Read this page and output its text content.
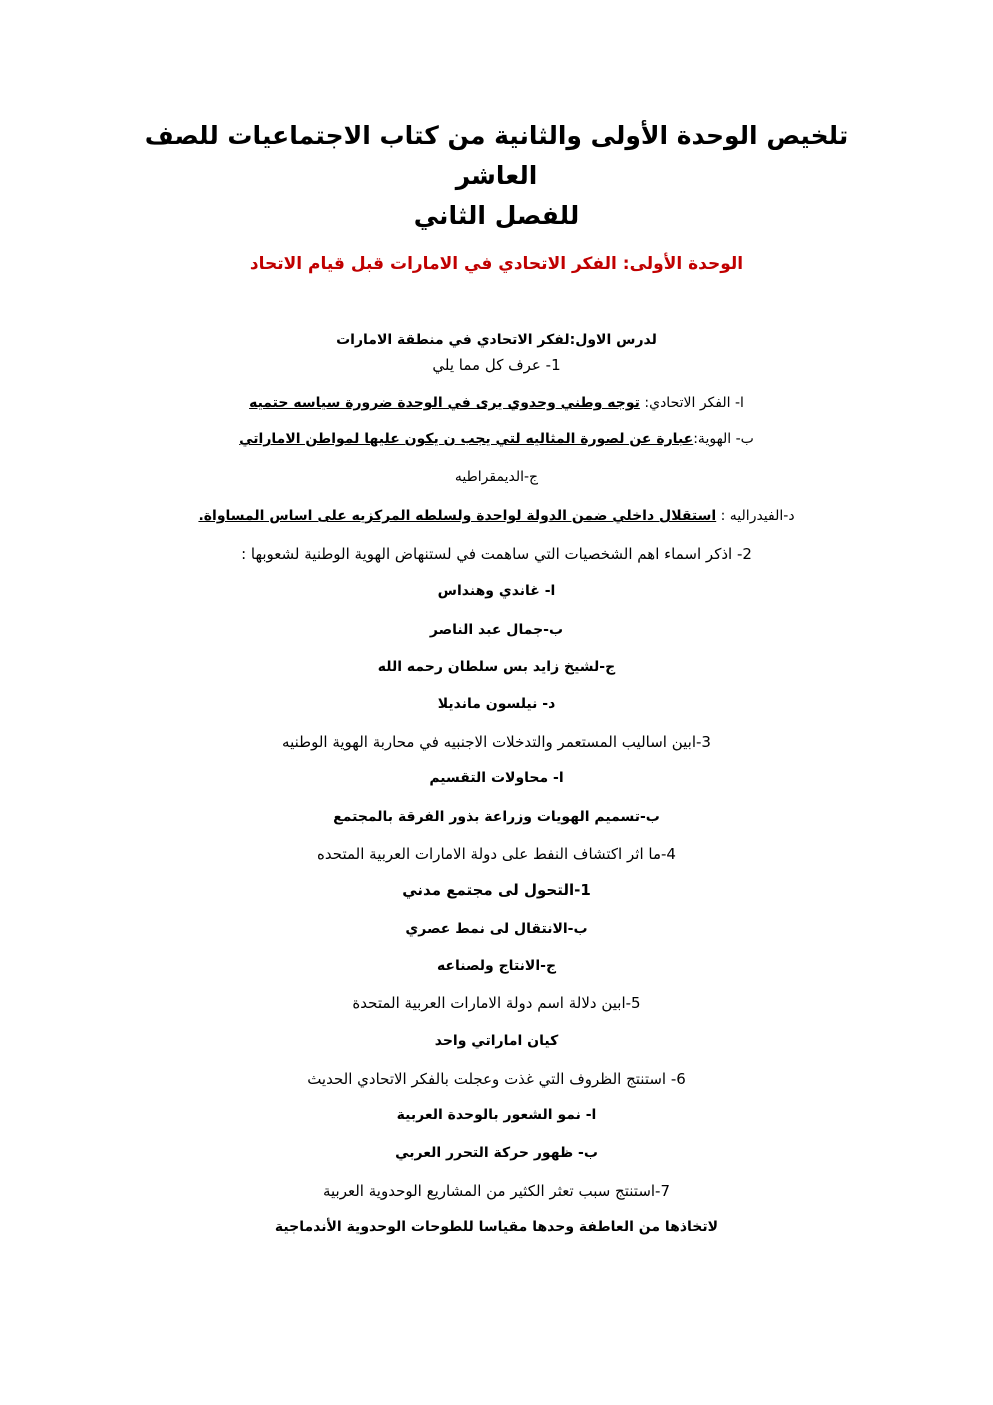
تلخيص الوحدة الأولى والثانية من كتاب الاجتماعيات للصف العاشر
للفصل الثاني
الوحدة الأولى: الفكر الاتحادي في الامارات قبل قيام الاتحاد
لدرس الاول:لفكر الاتحادي في منطقة الامارات
1- عرف كل مما يلي
ا- الفكر الاتحادي: توجه وطني وحدوي يرى في الوحدة ضرورة سياسه حتميه
ب- الهوية:عبارة عن لصورة المثاليه لتي يجب ن يكون عليها لمواطن الاماراتي
ج-الديمقراطيه
د-الفيدراليه : استقلال داخلي ضمن الدولة لواحدة ولسلطه المركزيه على اساس المساواة.
2- اذكر اسماء اهم الشخصيات التي ساهمت في لستنهاض الهوية الوطنية لشعوبها :
ا- غاندي وهنداس
ب-جمال عبد الناصر
ج-لشيخ زايد بس سلطان رحمه الله
د- نيلسون مانديلا
3-ابين اساليب المستعمر والتدخلات الاجنبيه في محاربة الهوية الوطنيه
ا- محاولات التقسيم
ب-تسميم الهويات وزراعة بذور الفرقة بالمجتمع
4-ما اثر اكتشاف النفط على دولة الامارات العربية المتحده
1-التحول لى مجتمع مدني
ب-الانتقال لى نمط عصري
ج-الانتاج ولصناعه
5-ابين دلالة اسم دولة الامارات العربية المتحدة
كيان اماراتي واحد
6- استنتج الظروف التي غذت وعجلت بالفكر الاتحادي الحديث
ا- نمو الشعور بالوحدة العربية
ب- ظهور حركة التحرر العربي
7-استنتج سبب تعثر الكثير من المشاريع الوحدوية العربية
لاتخاذها من العاطفة وحدها مقياسا للطوحات الوحدوية الأندماجية
